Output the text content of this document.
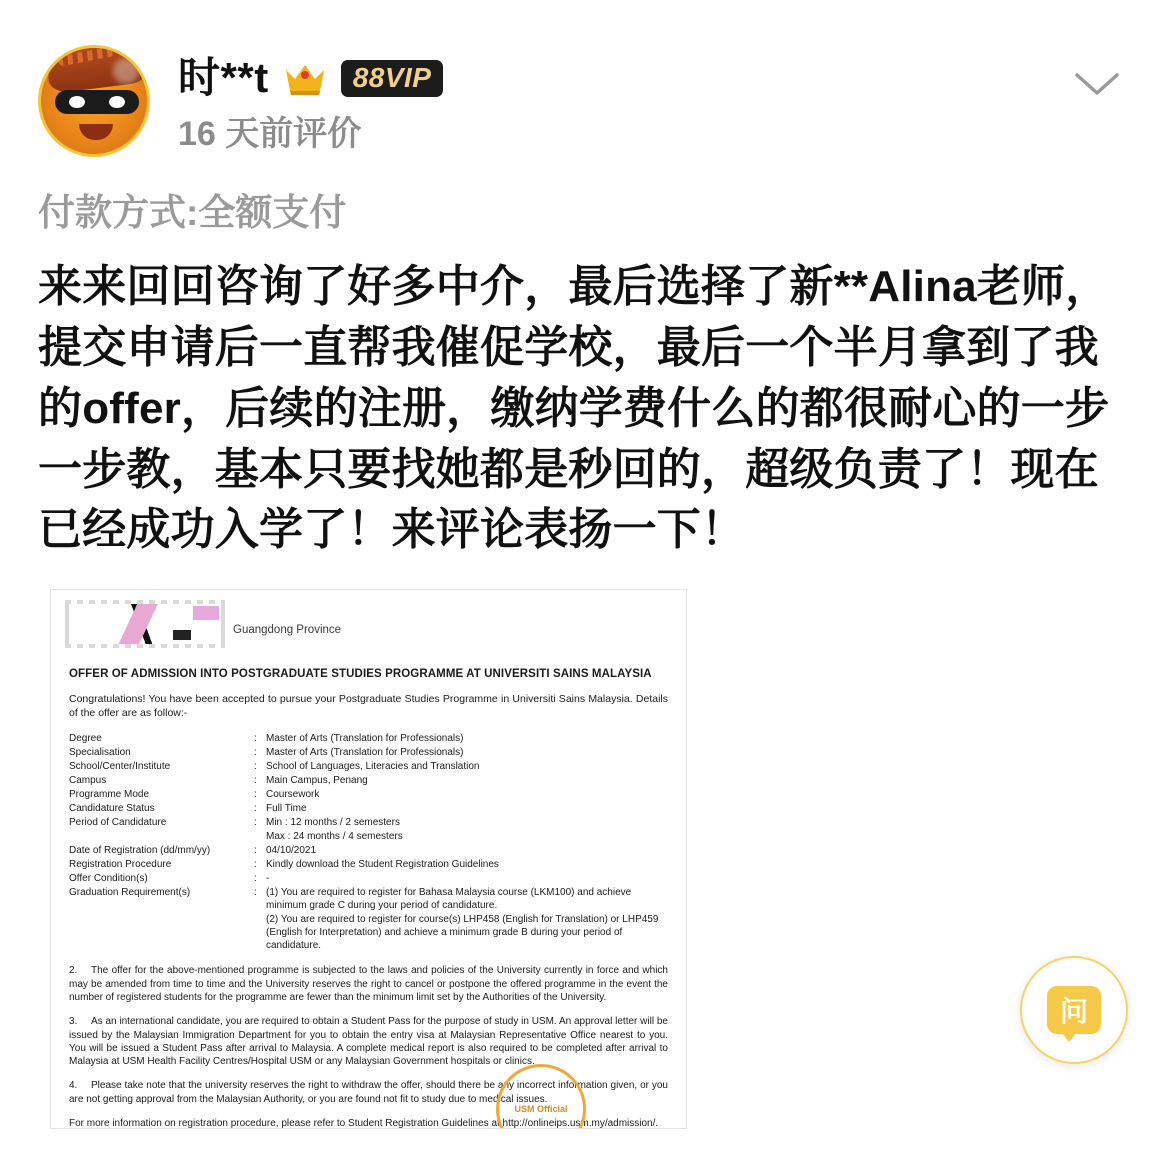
时**t	88VIP
16 天前评价
付款方式:全额支付
来来回回咨询了好多中介，最后选择了新**Alina老师，提交申请后一直帮我催促学校，最后一个半月拿到了我的offer，后续的注册，缴纳学费什么的都很耐心的一步一步教，基本只要找她都是秒回的，超级负责了！现在已经成功入学了！来评论表扬一下！
Guangdong Province
OFFER OF ADMISSION INTO POSTGRADUATE STUDIES PROGRAMME AT UNIVERSITI SAINS MALAYSIA
Congratulations! You have been accepted to pursue your Postgraduate Studies Programme in Universiti Sains Malaysia. Details of the offer are as follow:-
Degree	:	Master of Arts (Translation for Professionals)
Specialisation	:	Master of Arts (Translation for Professionals)
School/Center/Institute	:	School of Languages, Literacies and Translation
Campus	:	Main Campus, Penang
Programme Mode	:	Coursework
Candidature Status	:	Full Time
Period of Candidature	:	Min : 12 months / 2 semesters
		Max : 24 months / 4 semesters
Date of Registration (dd/mm/yy)	:	04/10/2021
Registration Procedure	:	Kindly download the Student Registration Guidelines
Offer Condition(s)	:	-
Graduation Requirement(s)	:	(1) You are required to register for Bahasa Malaysia course (LKM100) and achieve minimum grade C during your period of candidature.
		(2) You are required to register for course(s) LHP458 (English for Translation) or LHP459 (English for Interpretation) and achieve a minimum grade B during your period of candidature.
2. The offer for the above-mentioned programme is subjected to the laws and policies of the University currently in force and which may be amended from time to time and the University reserves the right to cancel or postpone the offered programme in the event the number of registered students for the programme are fewer than the minimum limit set by the Authorities of the University.
3. As an international candidate, you are required to obtain a Student Pass for the purpose of study in USM. An approval letter will be issued by the Malaysian Immigration Department for you to obtain the entry visa at Malaysian Representative Office nearest to you. You will be issued a Student Pass after arrival to Malaysia. A complete medical report is also required to be completed after arrival to Malaysia at USM Health Facility Centres/Hospital USM or any Malaysian Government hospitals or clinics.
4. Please take note that the university reserves the right to withdraw the offer, should there be any incorrect information given, or you are not getting approval from the Malaysian Authority, or you are found not fit to study due to medical issues.
For more information on registration procedure, please refer to Student Registration Guidelines at http://onlineips.usm.my/admission/.
USM Official
问
